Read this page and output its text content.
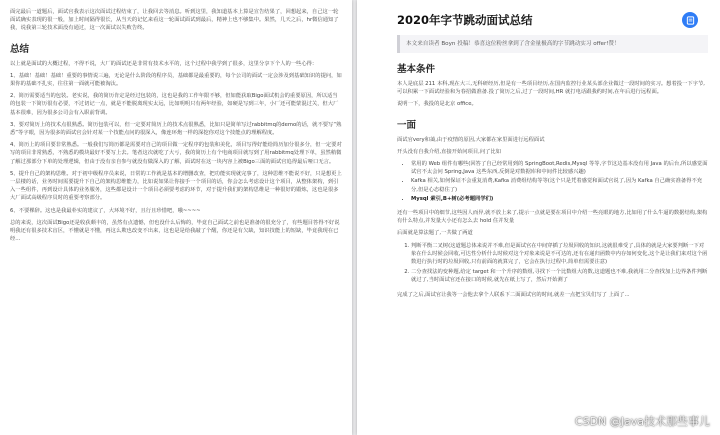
面完最后一道题后，面试官我表示这次面试过程结束了，让我回去等消息。听到这里，我知道基本上算是宣告结果了，回想起来，自己这一轮面试确实表现的很一般，加上时间隔得很长，从当天的记忆来看这一轮面试面试到最后，精神上也不够集中。果然，几天之后，hr微信通知了我，说我第三轮技术面没有通过，这一次面试以失败告终。

总结

以上就是面试的大概过程，不得不说，大厂的面试还是非常有技术水平的，这个过程中我学到了很多，这里分享下个人的一些心得：

1、基础！基础！基础！重要的事情说三遍，无论是什么阶段的程序员，基础都是最重要的，每个公司的面试一定会涉及到基础知识的提问，如果你的基础不扎实，往往第一面就可能被淘汰。

2、简历需要适当的包装。老实说，我的简历肯定是经过包装的，这也是我的工作年限不够，但如能获取Bigo面试机会的重要原因，所以适当的包装一下简历很有必要，不过切记一点，就是不能脱离现实太远，比如明明只有两年经验，如硬是写到三年，小厂还可能蒙混过关，但大厂基本很难，因为很多公司会有入职前背调。

3、要对简历上的技术点很熟悉。简历包装可以，但一定要对简历上的技术点很熟悉，比如只是简单写过rabbitmq的demo的话，就不要写“熟悉”等字眼，因为很多的面试官会针对某一个技能点问的很深入，像连环炮一样的深挖你对这个技能点的理解程度。

4、简历上的项目要非常熟悉。一般我们写简历都是需要对自己的项目做一定程序的包装和美化，项目写得好能给简历加分很多分，但一定要对写的项目非常熟悉，不熟悉的模块最好不要写上去。笔者这次就吃了大亏，我的简历上有个电商项目就写到了用rabbitmq处理下单，虽然稍微了解过那部分下单的处理逻辑，但由于没有亲自参与就没有做深入的了解，面试时在这一块内容上被Bigo三面的面试官追得最后哑口无言。

5、提升自己的架构思维。对于初中级程序员来说，日常的工作就是基本的增删改查，把功能实现就完事了，这种思维不能说不好，只是想更上一层楼的话，业务时间需要提升下自己的架构思维能力，比如说如果让你接手一个项目的话，你会怎么考虑设计这个项目，从整体架构，到引入一些组件，再到设计具体的业务服务，这些都是设计一个项目必须要考虑的环节，对于提升我们的架构思维是一种很好的锻炼，这也是很多大厂面试高级程序员时的重要考察部分。

6、不要裸辞。这也是我最朴实的建议了，大环境不好，且行且珍惜吧，哦~~~~

总的来说，这次面试Bigo还是收获颇丰的，虽然有点遗憾，但也没什么后悔的，毕竟自己面试之前也是准备的很充分了，有些题目答得不好说明我还有很多技术盲区，不懂就是不懂，再这么欺也改变不出来，这也是是给我敲了个醒，你还是有欠缺，知识技能上的短缺，毕竟我现在已经...

2020年字节跳动面试总结
本文来自读者 Boyn 投稿！恭喜这位粉丝拿到了含金量极高的字节跳动实习 offer!赞！
基本条件

本人是底层 211 本科,现在大三,无科研经历,但是有一些项目经历,在国内监控行业某头部企业做过一段时间的实习。想着投一下字节,可以积累一下面试经验和为春招做准备.投了简历之后,过了一段时间,HR 就打电话跟我约时间,在年后进行远程面。

说明一下，我投的是北京 office。

一面

面试官very和蔼,由于疫情的原因,大家都在家里面进行远程面试

开头没有自我介绍,直接开始问项目,问了比如

• 常用的 Web 组件有哪些(回答了自己经常用到的 SpringBoot,Redis,Mysql 等等,字节这边基本没有用 Java 的后台,所以感觉面试官不太会问 Spring,Java 这些东西,反倒是对数据库和中间件比较感兴趣)
• Kafka 相关,如何保证不会重复消费,Kafka 消费组结构等等(这个只是凭着感觉和面试官说了,因为 Kafka 自己确实准备得不充分,但是心态稳住了)
• Mysql 索引,B+树(必考题同学们)

还有一些项目中的细节,这些因人而异,就不放上来了,提示一点就是要在项目中介绍一些亮眼的地方,比如用了什么牛逼的数据结构,架构有什么特点,并发量大小还有怎么去 hold 住并发量

后面就是算法题了,一共做了两道

1. 判断平衡二叉树(这道题总体来说并不难,但是面试官在中间穿插了垃圾回收的知识,这就很难受了,具体的就是大家要判断一下对象在什么时候会回收,可达性分析什么时候对这个对象来说是不可达的,还有在递归函数中内存如何变化,这个是让我们来对这个函数进行执行时的垃圾回收,只有前面的就算完了，它会在执行过程中,简单但需要注意)
2. 二分查找法的变种题,给定 target 和一个升序的数组,寻找下一个比数组大的数,这道题也不难,我就用二分查找加上边界条件判断就过了,当时面试官还在接口的时候,就先在纸上写了，然后开始测了

完成了之后,面试官让我等一会他去拿个人联系下二面面试官的时间,就差一点把宝贝们写了 上面了...

CSDN @Java技术那些事儿
